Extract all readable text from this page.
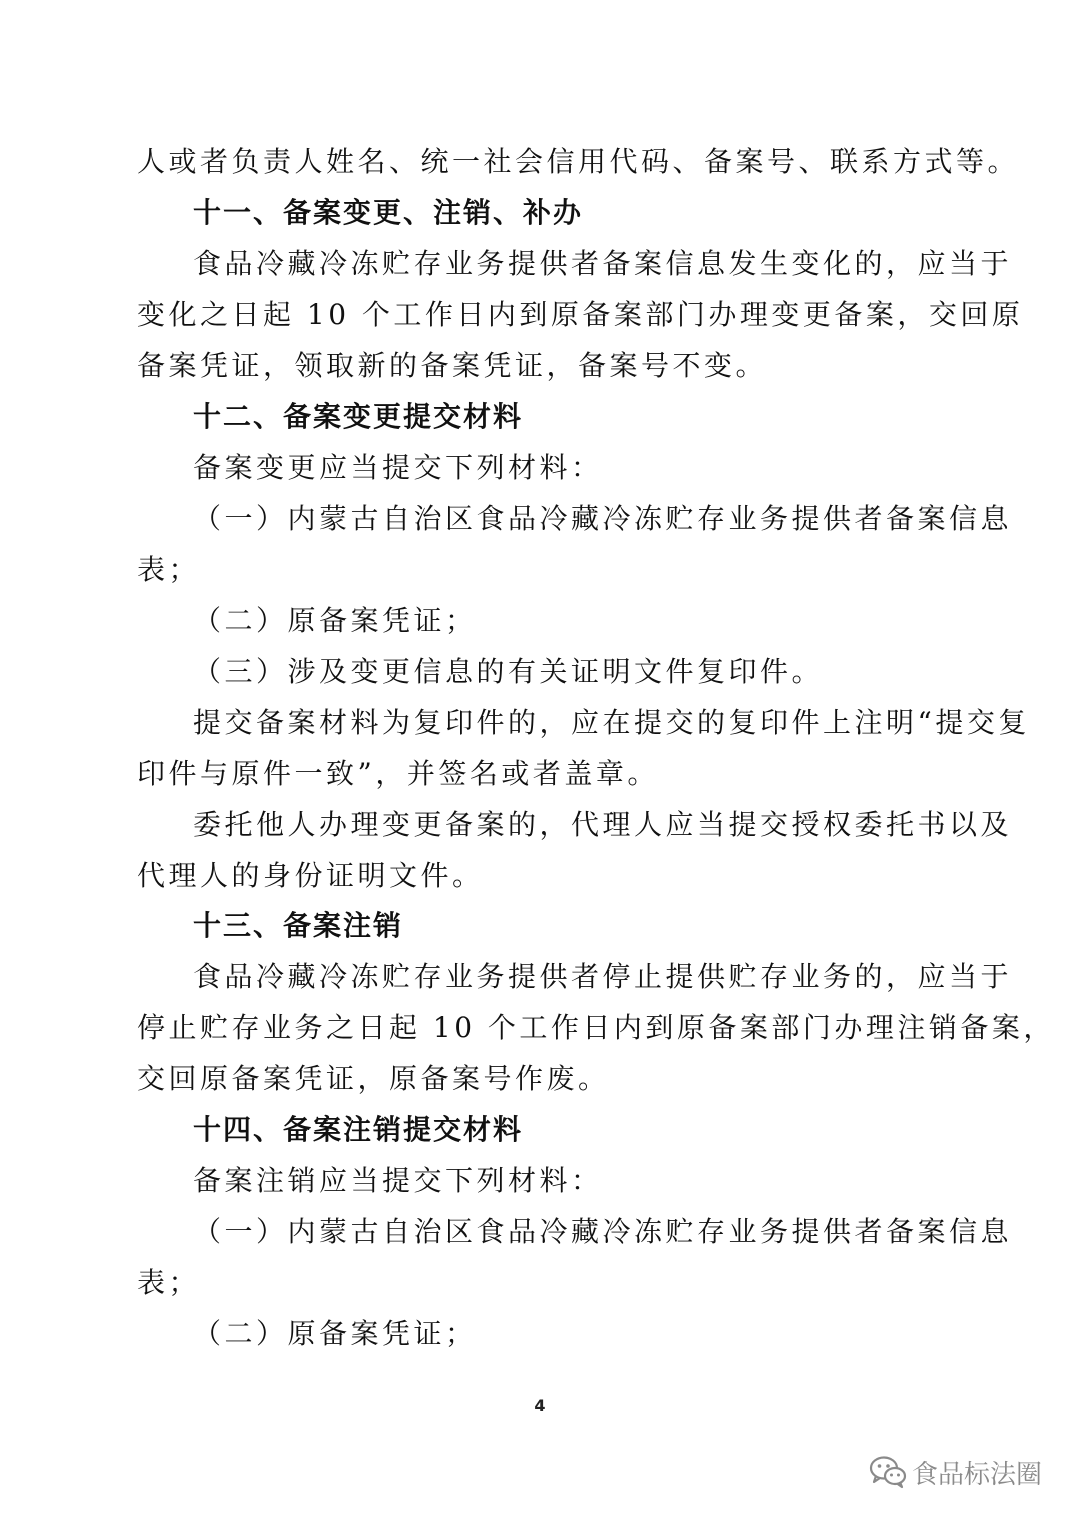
人或者负责人姓名、统一社会信用代码、备案号、联系方式等。
十一、备案变更、注销、补办
食品冷藏冷冻贮存业务提供者备案信息发生变化的，应当于
变化之日起 10 个工作日内到原备案部门办理变更备案，交回原
备案凭证，领取新的备案凭证，备案号不变。
十二、备案变更提交材料
备案变更应当提交下列材料：
（一）内蒙古自治区食品冷藏冷冻贮存业务提供者备案信息
表；
（二）原备案凭证；
（三）涉及变更信息的有关证明文件复印件。
提交备案材料为复印件的，应在提交的复印件上注明“提交复
印件与原件一致”，并签名或者盖章。
委托他人办理变更备案的，代理人应当提交授权委托书以及
代理人的身份证明文件。
十三、备案注销
食品冷藏冷冻贮存业务提供者停止提供贮存业务的，应当于
停止贮存业务之日起 10 个工作日内到原备案部门办理注销备案，
交回原备案凭证，原备案号作废。
十四、备案注销提交材料
备案注销应当提交下列材料：
（一）内蒙古自治区食品冷藏冷冻贮存业务提供者备案信息
表；
（二）原备案凭证；
4
食品标法圈
